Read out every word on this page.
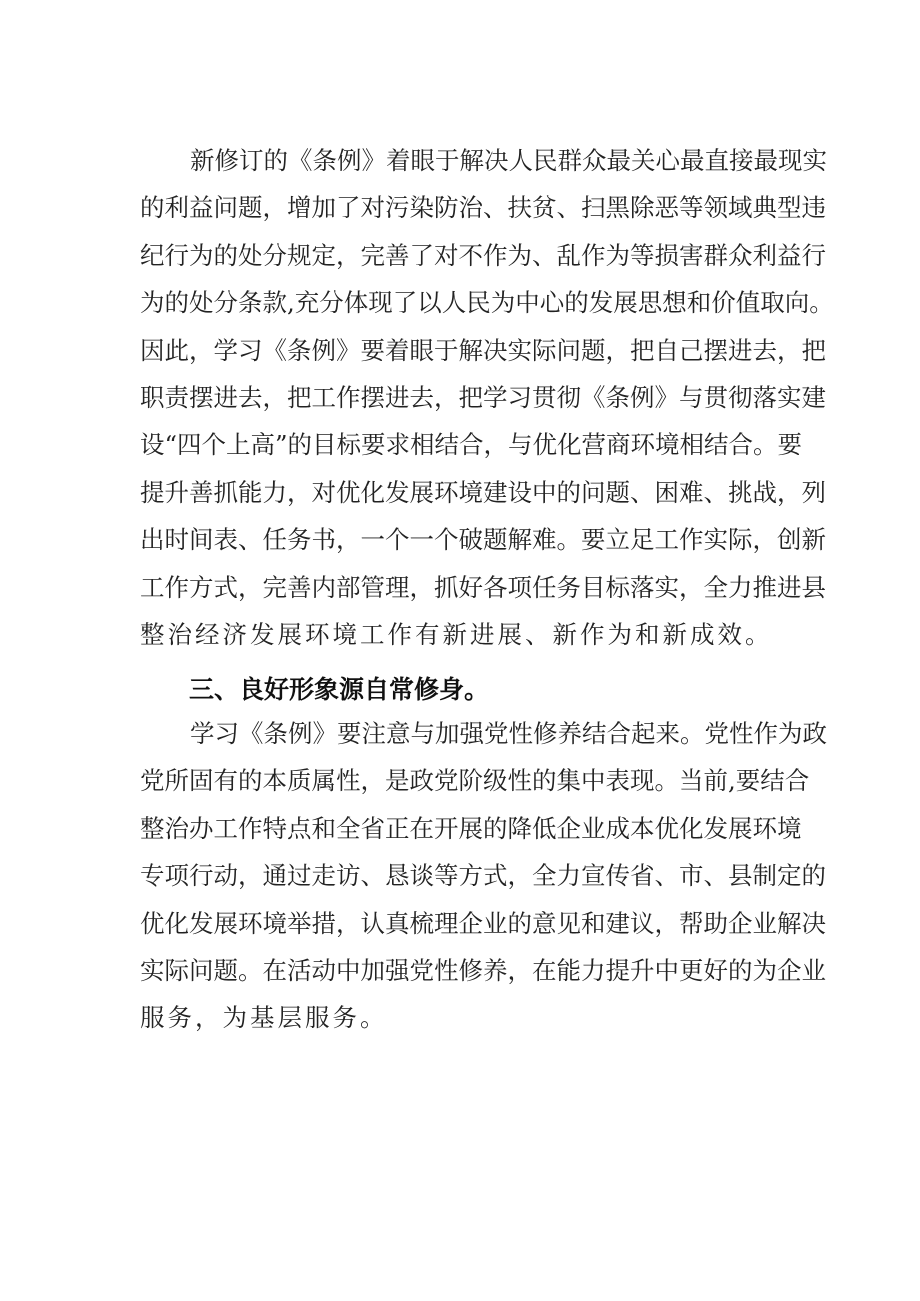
新修订的《条例》着眼于解决人民群众最关心最直接最现实
的利益问题，增加了对污染防治、扶贫、扫黑除恶等领域典型违
纪行为的处分规定，完善了对不作为、乱作为等损害群众利益行
为的处分条款,充分体现了以人民为中心的发展思想和价值取向。
因此，学习《条例》要着眼于解决实际问题，把自己摆进去，把
职责摆进去，把工作摆进去，把学习贯彻《条例》与贯彻落实建
设“四个上高”的目标要求相结合，与优化营商环境相结合。要
提升善抓能力，对优化发展环境建设中的问题、困难、挑战，列
出时间表、任务书，一个一个破题解难。要立足工作实际，创新
工作方式，完善内部管理，抓好各项任务目标落实，全力推进县
整治经济发展环境工作有新进展、新作为和新成效。
三、良好形象源自常修身。
学习《条例》要注意与加强党性修养结合起来。党性作为政
党所固有的本质属性，是政党阶级性的集中表现。当前,要结合
整治办工作特点和全省正在开展的降低企业成本优化发展环境
专项行动，通过走访、恳谈等方式，全力宣传省、市、县制定的
优化发展环境举措，认真梳理企业的意见和建议，帮助企业解决
实际问题。在活动中加强党性修养，在能力提升中更好的为企业
服务，为基层服务。
